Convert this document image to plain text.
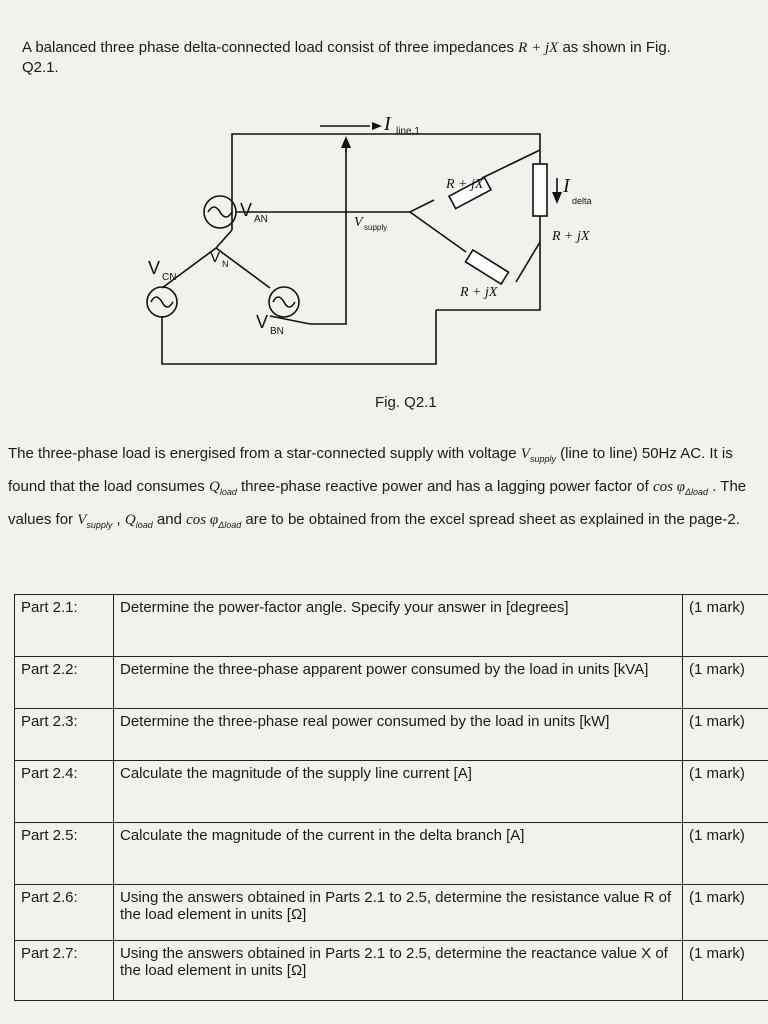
A balanced three phase delta-connected load consist of three impedances R + jX as shown in Fig.
Q2.1.
I line,1
V AN
V N
V CN
V BN
V supply
I
delta
R + jX
R + jX
R + jX
Fig. Q2.1
The three-phase load is energised from a star-connected supply with voltage $V_{supply}$ (line to line) 50Hz AC. It is found that the load consumes $Q_{load}$ three-phase reactive power and has a lagging power factor of $\cos \varphi_{\Delta load}$ . The values for $V_{supply}$ , $Q_{load}$ and $\cos \varphi_{\Delta load}$ are to be obtained from the excel spread sheet as explained in the page-2.
Part 2.1:	Determine the power-factor angle. Specify your answer in [degrees]	(1 mark)
Part 2.2:	Determine the three-phase apparent power consumed by the load in units [kVA]	(1 mark)
Part 2.3:	Determine the three-phase real power consumed by the load in units [kW]	(1 mark)
Part 2.4:	Calculate the magnitude of the supply line current [A]	(1 mark)
Part 2.5:	Calculate the magnitude of the current in the delta branch [A]	(1 mark)
Part 2.6:	Using the answers obtained in Parts 2.1 to 2.5, determine the resistance value R of the load element in units [Ω]	(1 mark)
Part 2.7:	Using the answers obtained in Parts 2.1 to 2.5, determine the reactance value X of the load element in units [Ω]	(1 mark)
